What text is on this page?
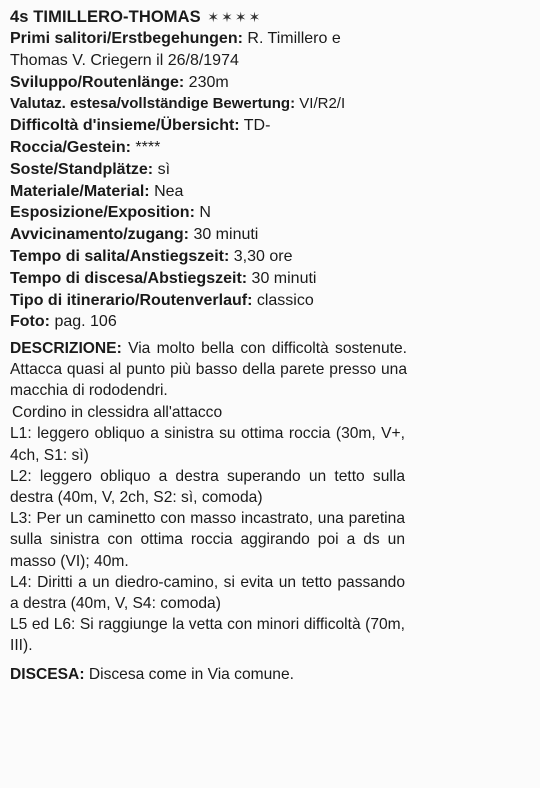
4s TIMILLERO-THOMAS ✶✶✶✶
Primi salitori/Erstbegehungen: R. Timillero e
Thomas V. Criegern il 26/8/1974
Sviluppo/Routenlänge: 230m
Valutaz. estesa/vollständige Bewertung: VI/R2/I
Difficoltà d'insieme/Übersicht: TD-
Roccia/Gestein: ****
Soste/Standplätze: sì
Materiale/Material: Nea
Esposizione/Exposition: N
Avvicinamento/zugang: 30 minuti
Tempo di salita/Anstiegszeit: 3,30 ore
Tempo di discesa/Abstiegszeit: 30 minuti
Tipo di itinerario/Routenverlauf: classico
Foto: pag. 106
DESCRIZIONE: Via molto bella con difficoltà sostenute. Attacca quasi al punto più basso della parete presso una macchia di rododendri.
Cordino in clessidra all'attacco

L1: leggero obliquo a sinistra su ottima roccia (30m, V+, 4ch, S1: sì)

L2: leggero obliquo a destra superando un tetto sulla destra (40m, V, 2ch, S2: sì, comoda)

L3: Per un caminetto con masso incastrato, una paretina sulla sinistra con ottima roccia aggirando poi a ds un masso (VI); 40m.

L4: Diritti a un diedro-camino, si evita un tetto passando a destra (40m, V, S4: comoda)

L5 ed L6: Si raggiunge la vetta con minori difficoltà (70m, III).

DISCESA: Discesa come in Via comune.
